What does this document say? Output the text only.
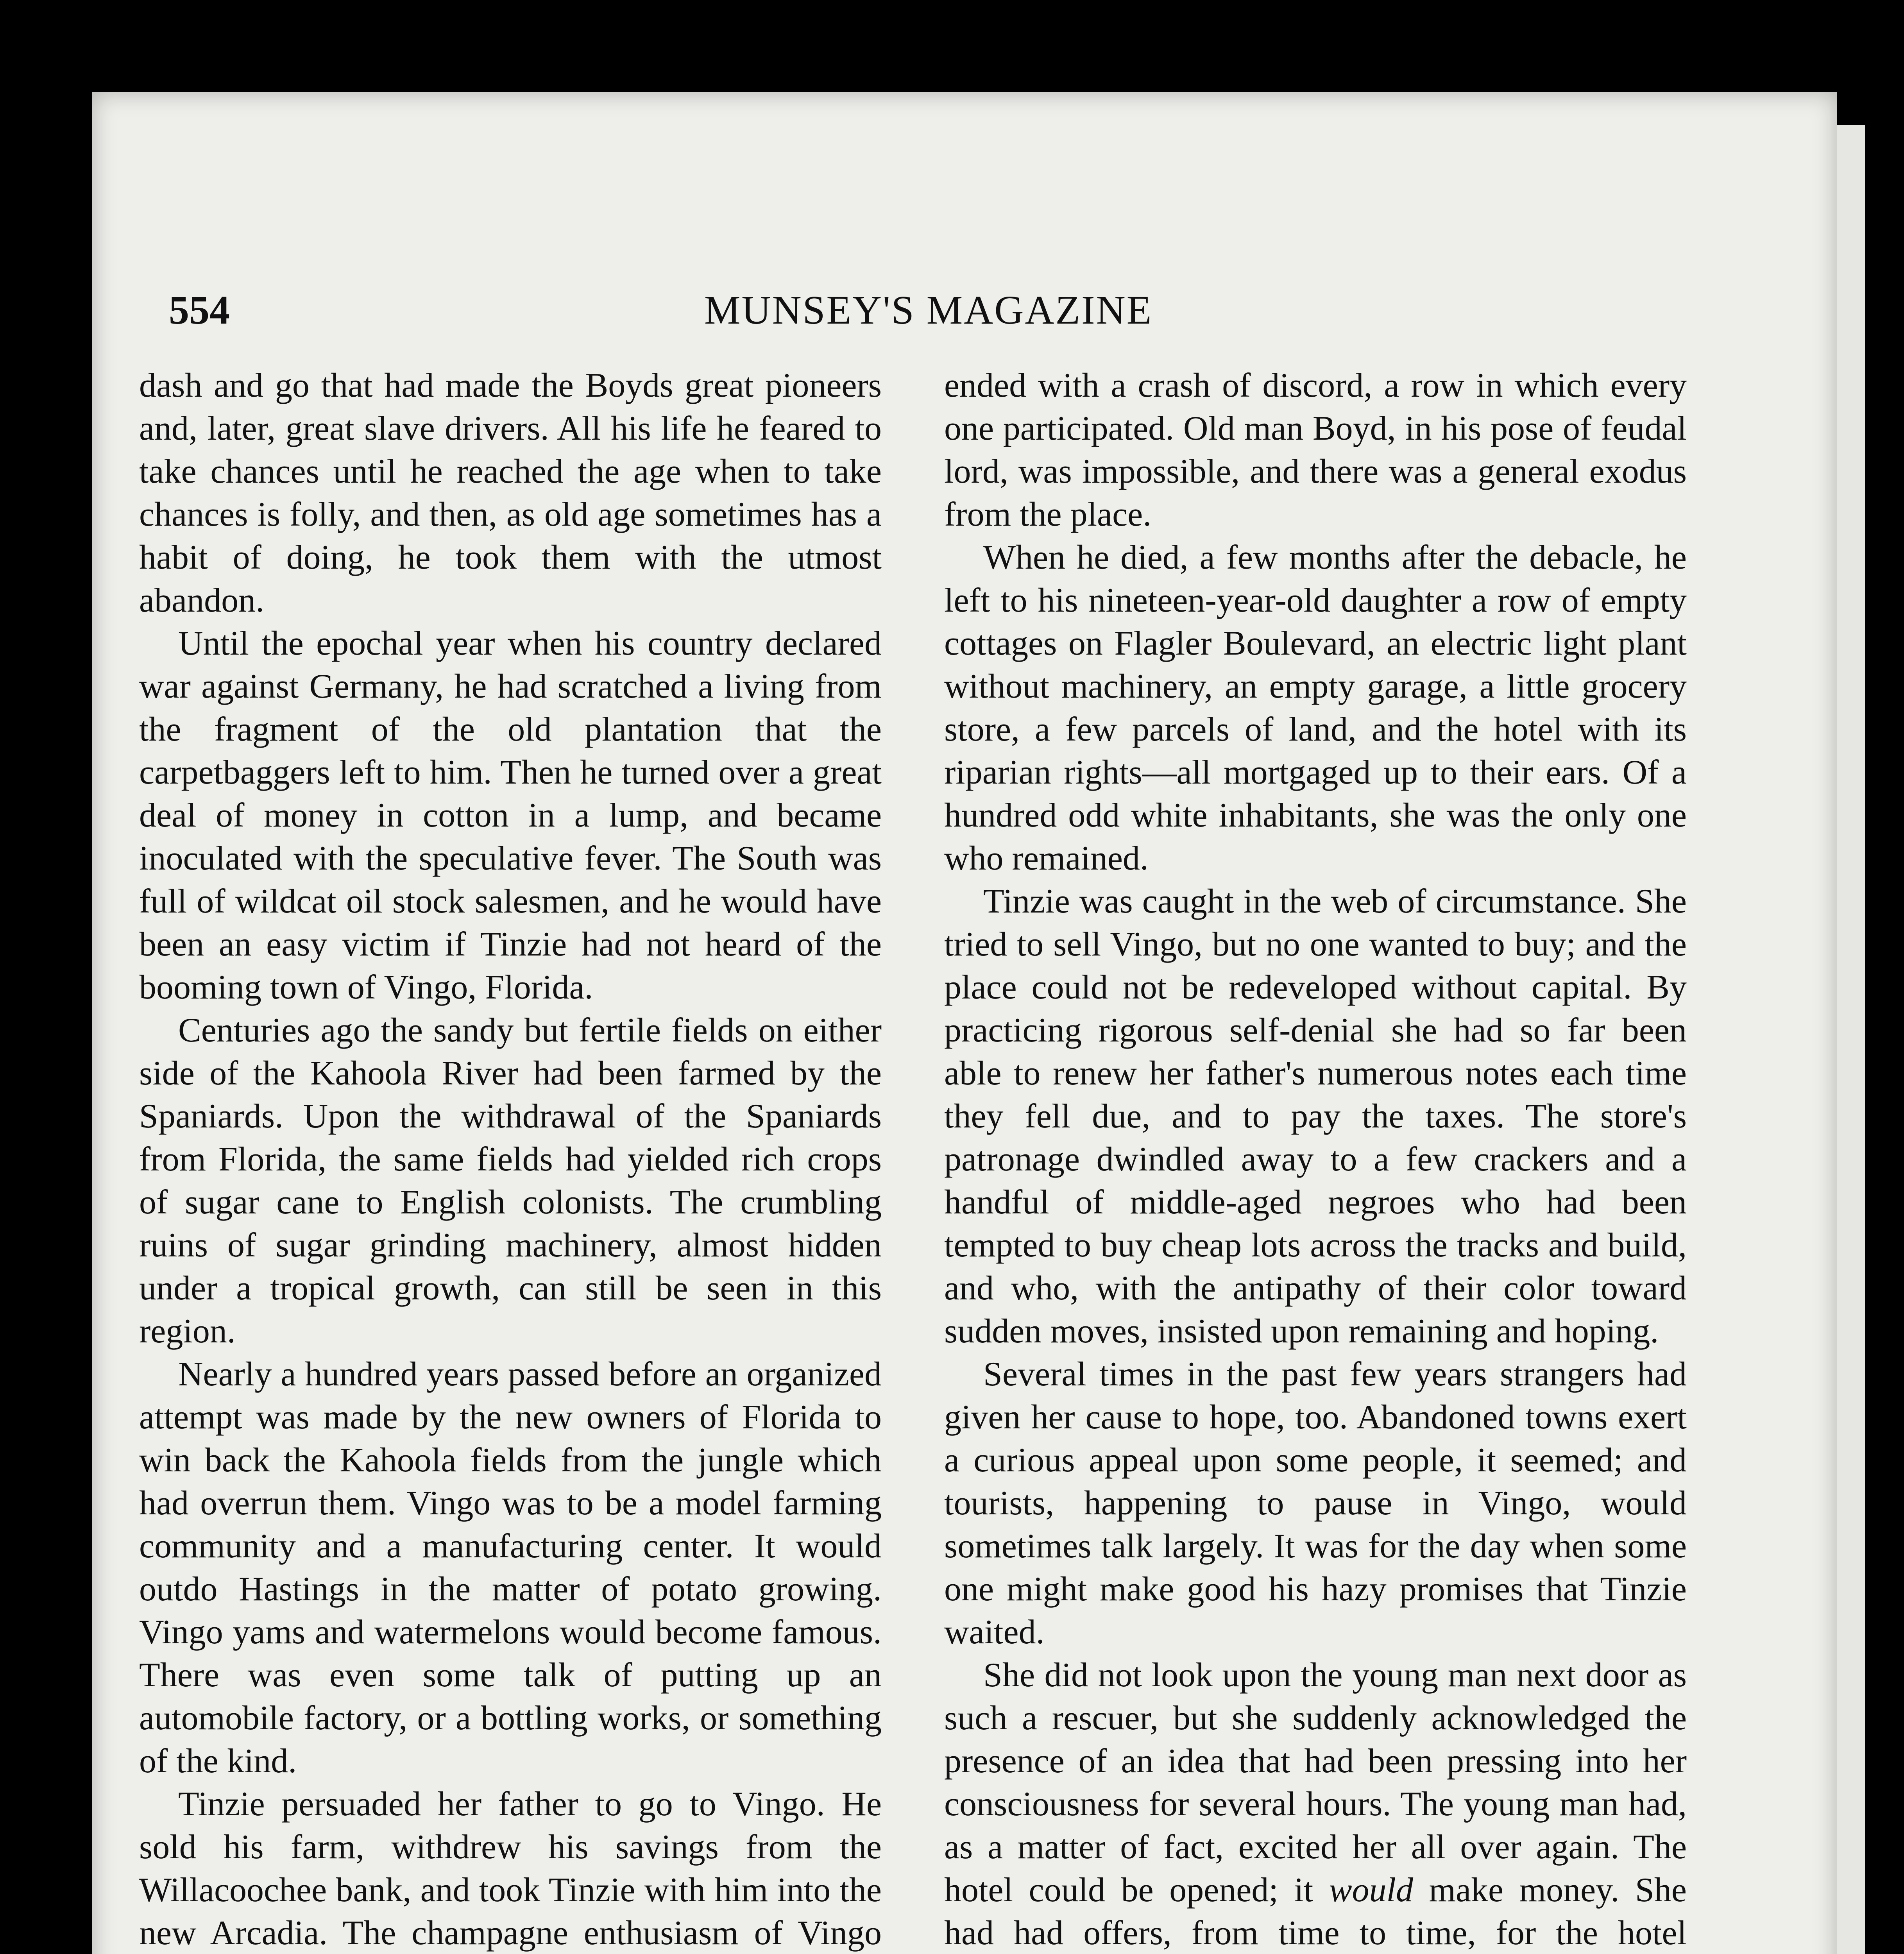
554	MUNSEY'S MAGAZINE

dash and go that had made the Boyds great pioneers and, later, great slave drivers. All his life he feared to take chances until he reached the age when to take chances is folly, and then, as old age sometimes has a habit of doing, he took them with the utmost abandon.

Until the epochal year when his country declared war against Germany, he had scratched a living from the fragment of the old plantation that the carpetbaggers left to him. Then he turned over a great deal of money in cotton in a lump, and became inoculated with the speculative fever. The South was full of wildcat oil stock salesmen, and he would have been an easy victim if Tinzie had not heard of the booming town of Vingo, Florida.

Centuries ago the sandy but fertile fields on either side of the Kahoola River had been farmed by the Spaniards. Upon the withdrawal of the Spaniards from Florida, the same fields had yielded rich crops of sugar cane to English colonists. The crumbling ruins of sugar grinding machinery, almost hidden under a tropical growth, can still be seen in this region.

Nearly a hundred years passed before an organized attempt was made by the new owners of Florida to win back the Kahoola fields from the jungle which had overrun them. Vingo was to be a model farming community and a manufacturing center. It would outdo Hastings in the matter of potato growing. Vingo yams and watermelons would become famous. There was even some talk of putting up an automobile factory, or a bottling works, or something of the kind.

Tinzie persuaded her father to go to Vingo. He sold his farm, withdrew his savings from the Willacoochee bank, and took Tinzie with him into the new Arcadia. The champagne enthusiasm of Vingo

ended with a crash of discord, a row in which every one participated. Old man Boyd, in his pose of feudal lord, was impossible, and there was a general exodus from the place.

When he died, a few months after the debacle, he left to his nineteen-year-old daughter a row of empty cottages on Flagler Boulevard, an electric light plant without machinery, an empty garage, a little grocery store, a few parcels of land, and the hotel with its riparian rights—all mortgaged up to their ears. Of a hundred odd white inhabitants, she was the only one who remained.

Tinzie was caught in the web of circumstance. She tried to sell Vingo, but no one wanted to buy; and the place could not be redeveloped without capital. By practicing rigorous self-denial she had so far been able to renew her father's numerous notes each time they fell due, and to pay the taxes. The store's patronage dwindled away to a few crackers and a handful of middle-aged negroes who had been tempted to buy cheap lots across the tracks and build, and who, with the antipathy of their color toward sudden moves, insisted upon remaining and hoping.

Several times in the past few years strangers had given her cause to hope, too. Abandoned towns exert a curious appeal upon some people, it seemed; and tourists, happening to pause in Vingo, would sometimes talk largely. It was for the day when some one might make good his hazy promises that Tinzie waited.

She did not look upon the young man next door as such a rescuer, but she suddenly acknowledged the presence of an idea that had been pressing into her consciousness for several hours. The young man had, as a matter of fact, excited her all over again. The hotel could be opened; it would make money. She had had offers, from time to time, for the hotel
